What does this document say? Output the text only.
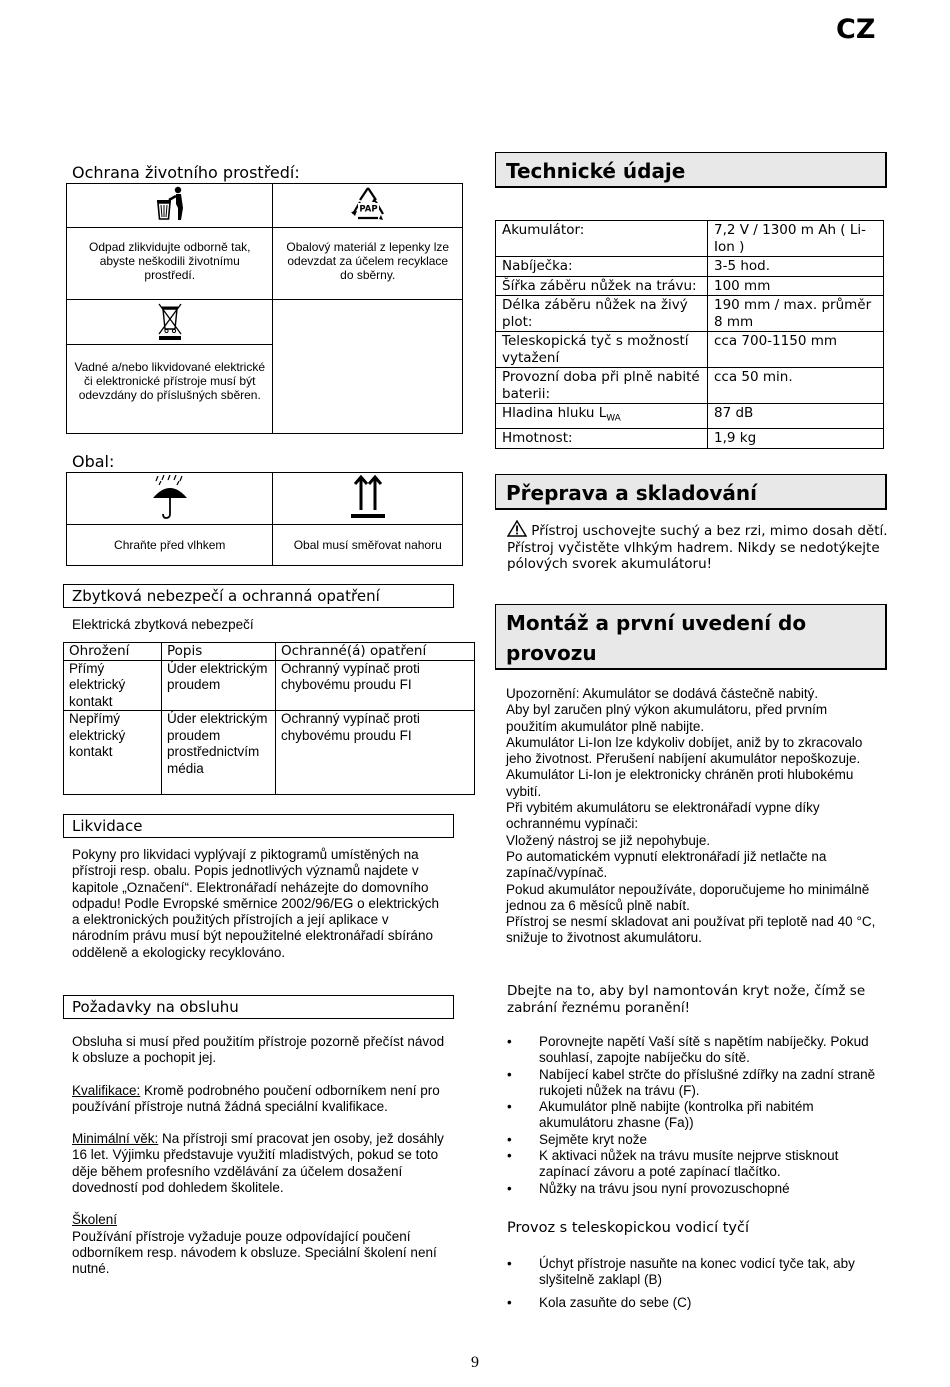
CZ
Ochrana životního prostředí:

PAP

Odpad zlikvidujte odborně tak, abyste neškodili životnímu prostředí.	Obalový materiál z lepenky lze odevzdat za účelem recyklace do sběrny.

Vadné a/nebo likvidované elektrické či elektronické přístroje musí být odevzdány do příslušných sběren.	
Obal:

Chraňte před vlhkem	Obal musí směřovat nahoru
Zbytková nebezpečí a ochranná opatření
Elektrická zbytková nebezpečí
Ohrožení	Popis	Ochranné(á) opatření
Přímý elektrický kontakt	Úder elektrickým proudem	Ochranný vypínač proti chybovému proudu FI
Nepřímý elektrický kontakt	Úder elektrickým proudem prostřednictvím média	Ochranný vypínač proti chybovému proudu FI
Likvidace
Pokyny pro likvidaci vyplývají z piktogramů umístěných na přístroji resp. obalu. Popis jednotlivých významů najdete v kapitole „Označení“. Elektronářadí neházejte do domovního odpadu! Podle Evropské směrnice 2002/96/EG o elektrických a elektronických použitých přístrojích a její aplikace v národním právu musí být nepoužitelné elektronářadí sbíráno odděleně a ekologicky recyklováno.
Požadavky na obsluhu

Obsluha si musí před použitím přístroje pozorně přečíst návod k obsluze a pochopit jej.

Kvalifikace: Kromě podrobného poučení odborníkem není pro používání přístroje nutná žádná speciální kvalifikace.

Minimální věk: Na přístroji smí pracovat jen osoby, jež dosáhly 16 let. Výjimku představuje využití mladistvých, pokud se toto děje během profesního vzdělávání za účelem dosažení dovedností pod dohledem školitele.

Školení
Používání přístroje vyžaduje pouze odpovídající poučení odborníkem resp. návodem k obsluze. Speciální školení není nutné.

Technické údaje
Akumulátor:	7,2 V / 1300 m Ah ( Li-Ion )
Nabíječka:	3-5 hod.
Šířka záběru nůžek na trávu:	100 mm
Délka záběru nůžek na živý plot:	190 mm / max. průměr 8 mm
Teleskopická tyč s možností vytažení	cca 700-1150 mm
Provozní doba při plně nabité baterii:	cca 50 min.
Hladina hluku $L_{WA}$	87 dB
Hmotnost:	1,9 kg
Přeprava a skladování
Přístroj uschovejte suchý a bez rzi, mimo dosah dětí. Přístroj vyčistěte vlhkým hadrem. Nikdy se nedotýkejte pólových svorek akumulátoru!
Montáž a první uvedení do provozu

Upozornění: Akumulátor se dodává částečně nabitý.

Aby byl zaručen plný výkon akumulátoru, před prvním použitím akumulátor plně nabijte.

Akumulátor Li-Ion lze kdykoliv dobíjet, aniž by to zkracovalo jeho životnost. Přerušení nabíjení akumulátor nepoškozuje.

Akumulátor Li-Ion je elektronicky chráněn proti hlubokému vybití.

Při vybitém akumulátoru se elektronářadí vypne díky ochrannému vypínači:

Vložený nástroj se již nepohybuje.

Po automatickém vypnutí elektronářadí již netlačte na zapínač/vypínač.

Pokud akumulátor nepoužíváte, doporučujeme ho minimálně jednou za 6 měsíců plně nabít.

Přístroj se nesmí skladovat ani používat při teplotě nad 40 °C, snižuje to životnost akumulátoru.

Dbejte na to, aby byl namontován kryt nože, čímž se zabrání řeznému poranění!
• Porovnejte napětí Vaší sítě s napětím nabíječky. Pokud souhlasí, zapojte nabíječku do sítě.
• Nabíjecí kabel strčte do příslušné zdířky na zadní straně rukojeti nůžek na trávu (F).
• Akumulátor plně nabijte (kontrolka při nabitém akumulátoru zhasne (Fa))
• Sejměte kryt nože
• K aktivaci nůžek na trávu musíte nejprve stisknout zapínací závoru a poté zapínací tlačítko.
• Nůžky na trávu jsou nyní provozuschopné
Provoz s teleskopickou vodicí tyčí
• Úchyt přístroje nasuňte na konec vodicí tyče tak, aby slyšitelně zaklapl (B)
• Kola zasuňte do sebe (C)
9
